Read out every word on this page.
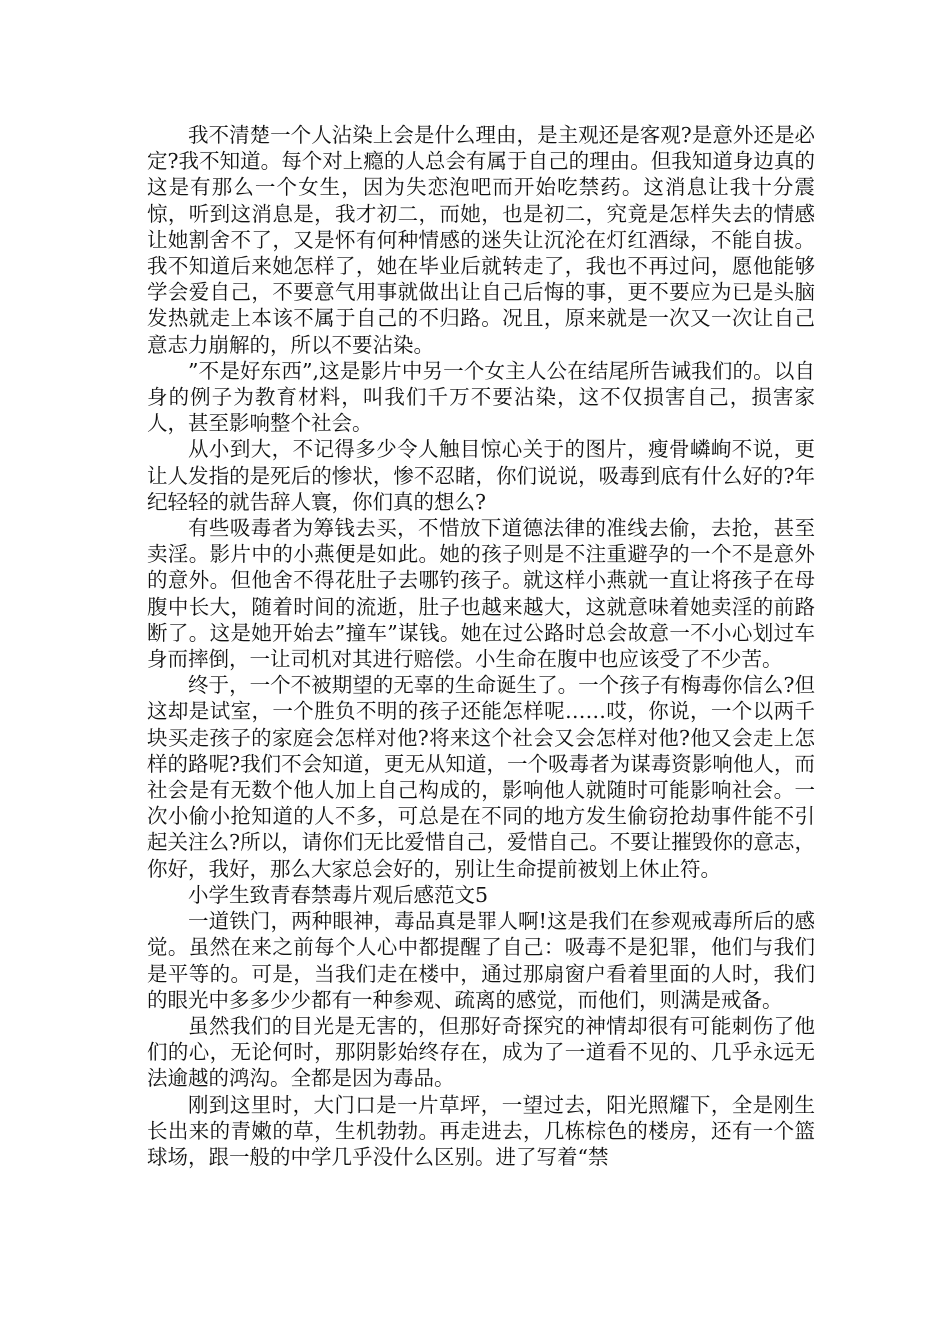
我不清楚一个人沾染上会是什么理由，是主观还是客观?是意外还是必定?我不知道。每个对上瘾的人总会有属于自己的理由。但我知道身边真的这是有那么一个女生，因为失恋泡吧而开始吃禁药。这消息让我十分震惊，听到这消息是，我才初二，而她，也是初二，究竟是怎样失去的情感让她割舍不了，又是怀有何种情感的迷失让沉沦在灯红酒绿，不能自拔。我不知道后来她怎样了，她在毕业后就转走了，我也不再过问，愿他能够学会爱自己，不要意气用事就做出让自己后悔的事，更不要应为已是头脑发热就走上本该不属于自己的不归路。况且，原来就是一次又一次让自己意志力崩解的，所以不要沾染。

”不是好东西”,这是影片中另一个女主人公在结尾所告诫我们的。以自身的例子为教育材料，叫我们千万不要沾染，这不仅损害自己，损害家人，甚至影响整个社会。

从小到大，不记得多少令人触目惊心关于的图片，瘦骨嶙峋不说，更让人发指的是死后的惨状，惨不忍睹，你们说说，吸毒到底有什么好的?年纪轻轻的就告辞人寰，你们真的想么?

有些吸毒者为筹钱去买，不惜放下道德法律的准线去偷，去抢，甚至卖淫。影片中的小燕便是如此。她的孩子则是不注重避孕的一个不是意外的意外。但他舍不得花肚子去哪钓孩子。就这样小燕就一直让将孩子在母腹中长大，随着时间的流逝，肚子也越来越大，这就意味着她卖淫的前路断了。这是她开始去”撞车”谋钱。她在过公路时总会故意一不小心划过车身而摔倒，一让司机对其进行赔偿。小生命在腹中也应该受了不少苦。

终于，一个不被期望的无辜的生命诞生了。一个孩子有梅毒你信么?但这却是试室，一个胜负不明的孩子还能怎样呢……哎，你说，一个以两千块买走孩子的家庭会怎样对他?将来这个社会又会怎样对他?他又会走上怎样的路呢?我们不会知道，更无从知道，一个吸毒者为谋毒资影响他人，而社会是有无数个他人加上自己构成的，影响他人就随时可能影响社会。一次小偷小抢知道的人不多，可总是在不同的地方发生偷窃抢劫事件能不引起关注么?所以，请你们无比爱惜自己，爱惜自己。不要让摧毁你的意志，你好，我好，那么大家总会好的，别让生命提前被划上休止符。

小学生致青春禁毒片观后感范文5

一道铁门，两种眼神，毒品真是罪人啊!这是我们在参观戒毒所后的感觉。虽然在来之前每个人心中都提醒了自己：吸毒不是犯罪，他们与我们是平等的。可是，当我们走在楼中，通过那扇窗户看着里面的人时，我们的眼光中多多少少都有一种参观、疏离的感觉，而他们，则满是戒备。

虽然我们的目光是无害的，但那好奇探究的神情却很有可能刺伤了他们的心，无论何时，那阴影始终存在，成为了一道看不见的、几乎永远无法逾越的鸿沟。全都是因为毒品。

刚到这里时，大门口是一片草坪，一望过去，阳光照耀下，全是刚生长出来的青嫩的草，生机勃勃。再走进去，几栋棕色的楼房，还有一个篮球场，跟一般的中学几乎没什么区别。进了写着“禁
